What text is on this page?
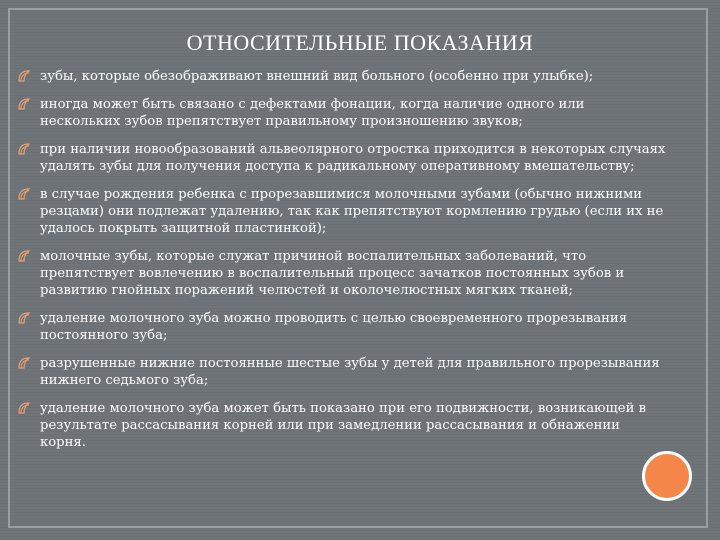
ОТНОСИТЕЛЬНЫЕ ПОКАЗАНИЯ
зубы, которые обезображивают внешний вид больного (особенно при улыбке);
иногда может быть связано с дефектами фонации, когда наличие одного или нескольких зубов препятствует правильному произношению звуков;
при наличии новообразований альвеолярного отростка приходится в некоторых случаях удалять зубы для получения доступа к радикальному оперативному вмешательству;
в случае рождения ребенка с прорезавшимися молочными зубами (обычно нижними резцами) они подлежат удалению, так как препятствуют кормлению грудью (если их не удалось покрыть защитной пластинкой);
молочные зубы, которые служат причиной воспалительных заболеваний, что препятствует вовлечению в воспалительный процесс зачатков постоянных зубов и развитию гнойных поражений челюстей и околочелюстных мягких тканей;
удаление молочного зуба можно проводить с целью своевременного прорезывания постоянного зуба;
разрушенные нижние постоянные шестые зубы у детей для правильного прорезывания нижнего седьмого зуба;
удаление молочного зуба может быть показано при его подвижности, возникающей в результате рассасывания корней или при замедлении рассасывания и обнажении корня.
